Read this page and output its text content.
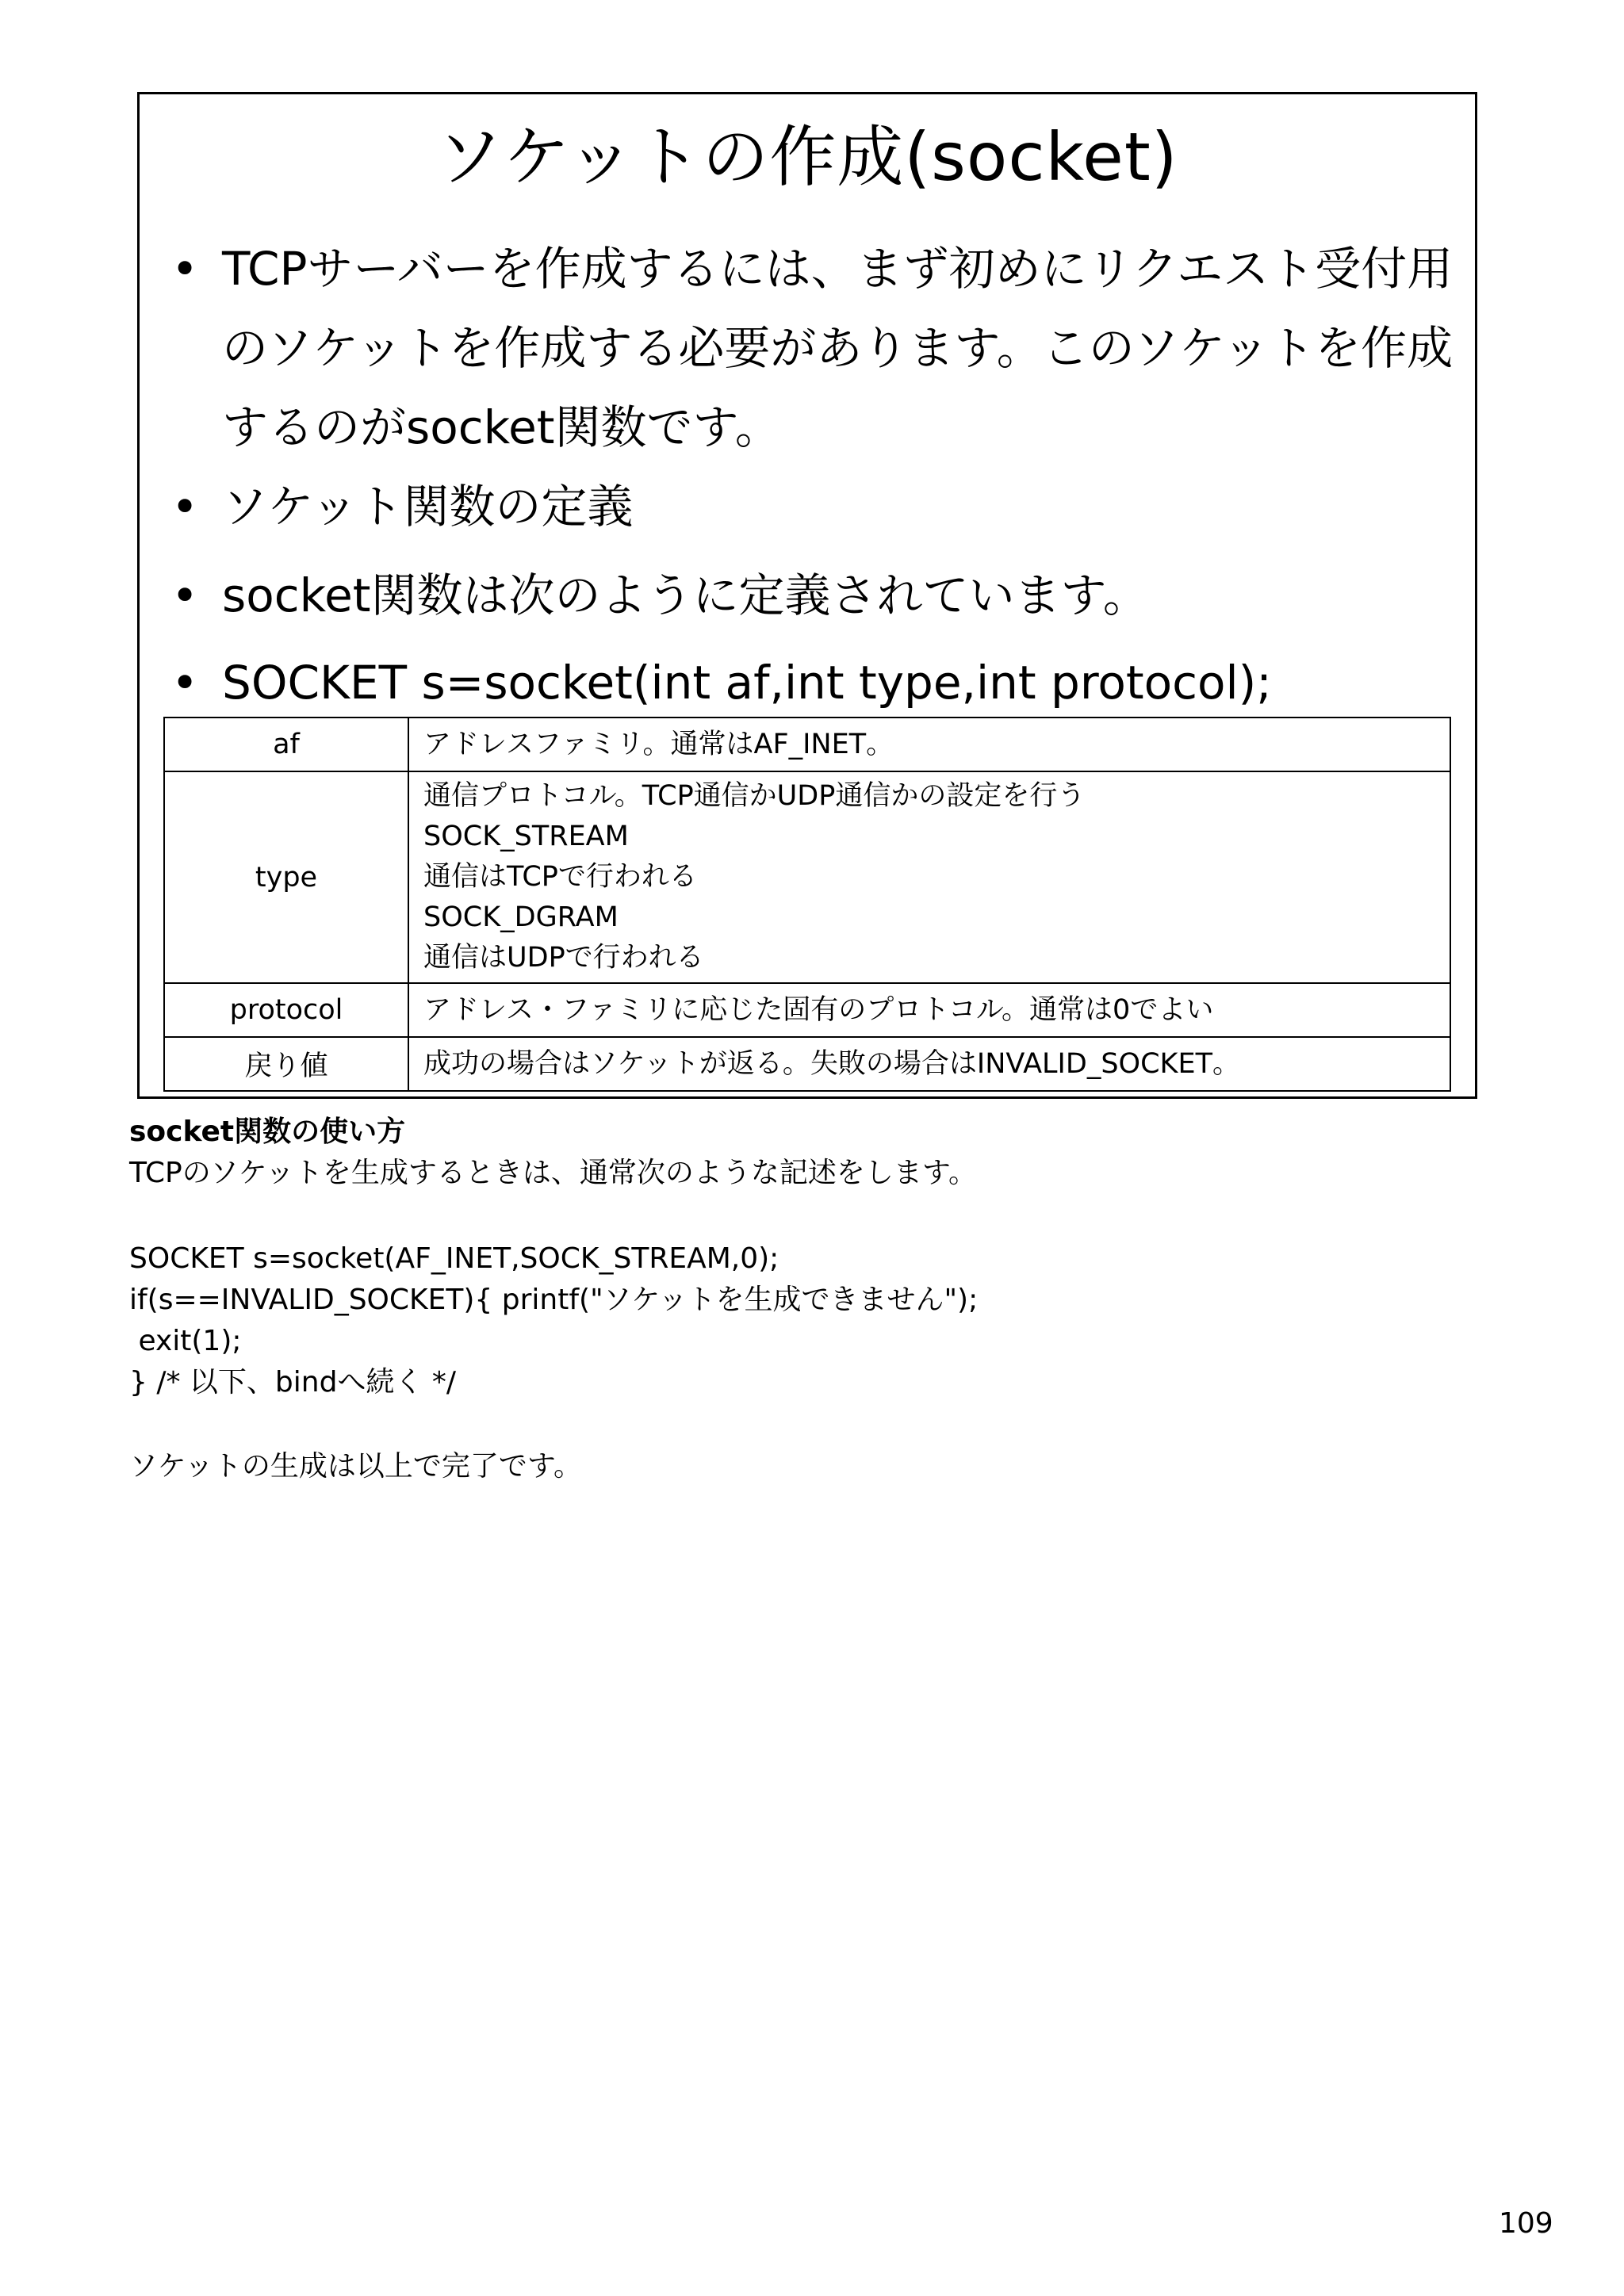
ソケットの作成(socket)
• TCPサーバーを作成するには、まず初めにリクエスト受付用のソケットを作成する必要があります。このソケットを作成するのがsocket関数です。
• ソケット関数の定義
• socket関数は次のように定義されています。
• SOCKET s=socket(int af,int type,int protocol);
af	アドレスファミリ。通常はAF_INET。

type	通信プロトコル。TCP通信かUDP通信かの設定を行う
SOCK_STREAM
通信はTCPで行われる
SOCK_DGRAM
通信はUDPで行われる

protocol	アドレス・ファミリに応じた固有のプロトコル。通常は0でよい

戻り値	成功の場合はソケットが返る。失敗の場合はINVALID_SOCKET。
socket関数の使い方
TCPのソケットを生成するときは、通常次のような記述をします。
SOCKET s=socket(AF_INET,SOCK_STREAM,0);
if(s==INVALID_SOCKET){ printf("ソケットを生成できません");
exit(1);
} /* 以下、bindへ続く */
ソケットの生成は以上で完了です。
109
